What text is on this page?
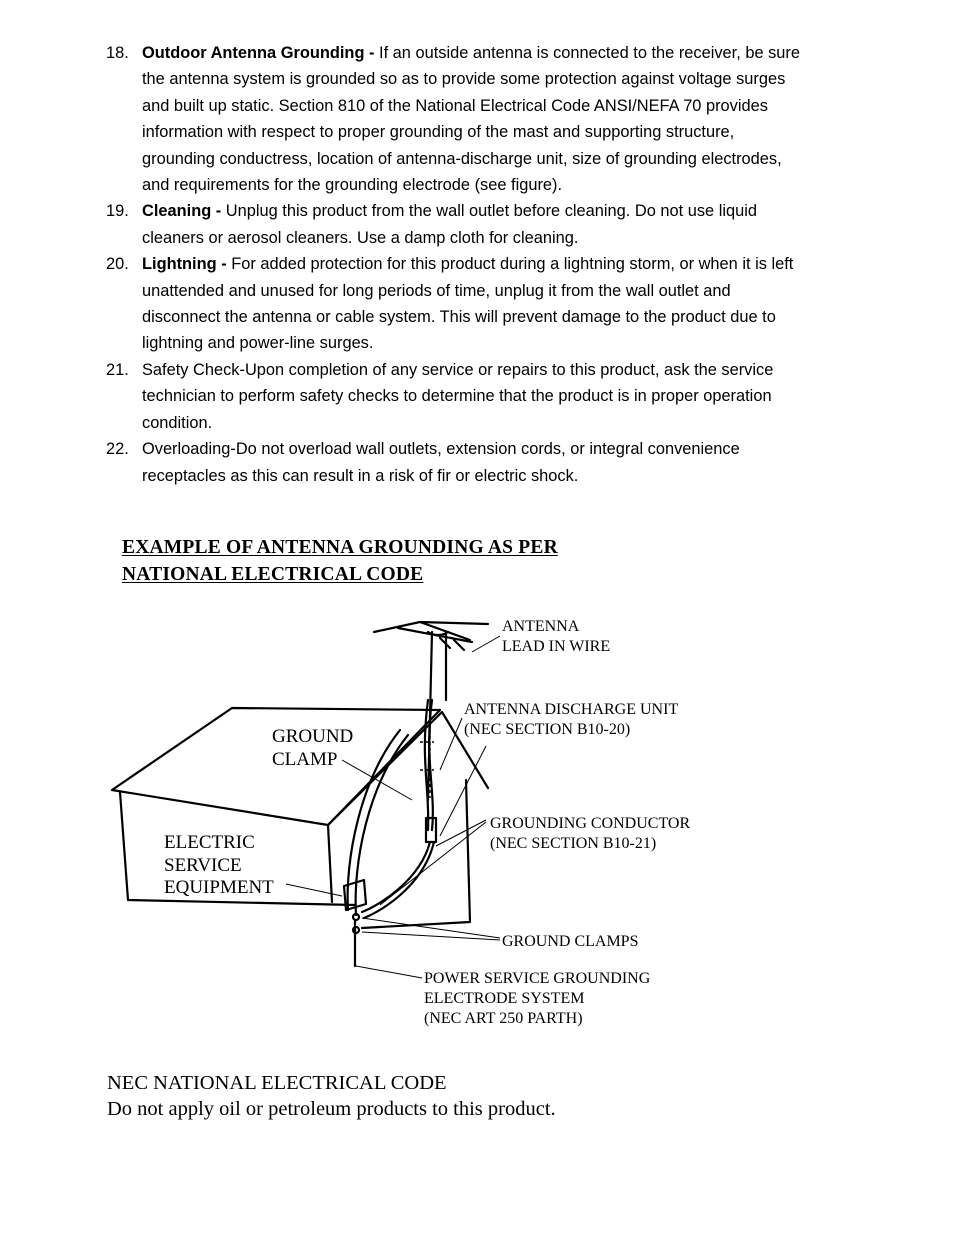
18. Outdoor Antenna Grounding - If an outside antenna is connected to the receiver, be sure
the antenna system is grounded so as to provide some protection against voltage surges
and built up static. Section 810 of the National Electrical Code ANSI/NEFA 70 provides
information with respect to proper grounding of the mast and supporting structure,
grounding conductress, location of antenna-discharge unit, size of grounding electrodes,
and requirements for the grounding electrode (see figure).
19. Cleaning - Unplug this product from the wall outlet before cleaning. Do not use liquid
cleaners or aerosol cleaners. Use a damp cloth for cleaning.
20. Lightning - For added protection for this product during a lightning storm, or when it is left
unattended and unused for long periods of time, unplug it from the wall outlet and
disconnect the antenna or cable system. This will prevent damage to the product due to
lightning and power-line surges.
21. Safety Check-Upon completion of any service or repairs to this product, ask the service
technician to perform safety checks to determine that the product is in proper operation
condition.
22. Overloading-Do not overload wall outlets, extension cords, or integral convenience
receptacles as this can result in a risk of fir or electric shock.
EXAMPLE OF ANTENNA GROUNDING AS PER
NATIONAL ELECTRICAL CODE
ANTENNA
LEAD IN WIRE
ANTENNA DISCHARGE UNIT
(NEC SECTION B10-20)
GROUNDING CONDUCTOR
(NEC SECTION B10-21)
GROUND CLAMPS
POWER SERVICE GROUNDING
ELECTRODE SYSTEM
(NEC ART 250 PARTH)
GROUND
CLAMP
ELECTRIC
SERVICE
EQUIPMENT
NEC NATIONAL ELECTRICAL CODE
Do not apply oil or petroleum products to this product.
